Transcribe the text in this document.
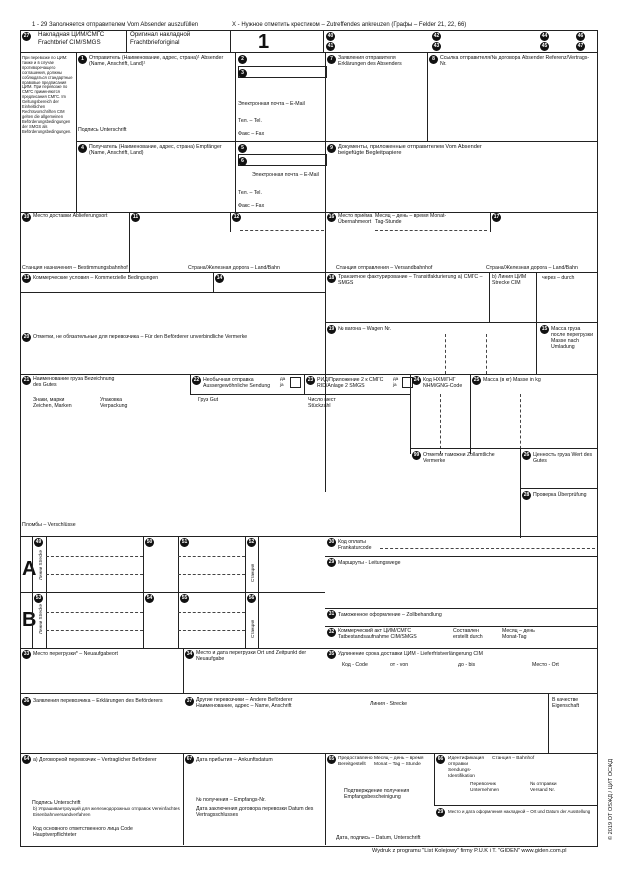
1 - 29 Заполняется отправителем Vom Absender auszufüllen	X - Нужное отметить крестиком – Zutreffendes ankreuzen (Графы – Felder 21, 22, 66)
27 Накладная ЦИМ/СМГС
Frachtbrief CIM/SMGS
Оригинал накладной
Frachtbrieforiginal	1	40
41
42
43
44
45
46
47
При перевозке по ЦИМ: также и в случае противоречащего соглашения, должны соблюдаться стандартные правовые предписания ЦИМ. При перевозке по СМГС применяются предписания СМГС. Im Geltungsbereich der Einheitlichen Rechtsvorschriften CIM gelten die allgemeinen Beförderungsbedingungen der SMGS als Beförderungsbedingungen.
1 Отправитель (Наименование, адрес, страна)¹ Absender (Name, Anschrift, Land)¹
Подпись Unterschrift
2
3
Электронная почта – E-Mail
Тел. – Tel.
Факс – Fax
7 Заявления отправителя Erklärungen des Absenders
8 Ссылка отправителя/№ договора Absender Referenz/Vertrags-Nr.
4 Получатель (Наименование, адрес, страна) Empfänger (Name, Anschrift, Land)
5
6
Электронная почта – E-Mail
Тел. – Tel.
Факс – Fax
9 Документы, приложенные отправителем Vom Absender beigefügte Begleitpapiere
10 Место доставки Ablieferungsort	11	12	16 Место приёма Übernahmeort
Месяц – день – время Monat-Tag-Stunde
17
Станция назначения – Bestimmungsbahnhof	Страна/Железная дорога – Land/Bahn	Станция отправления – Versandbahnhof	Страна/Железная дорога – Land/Bahn
13 Коммерческие условия – Kommerzielle Bedingungen	14	18 Транзитное фактурирование – Transitfakturierung а) СМГС – SMGS
b) Линия ЦИМ Strecke CIM
через – durch
20 Отметки, не обязательные для перевозчика – Für den Beförderer unverbindliche Vermerke
19 № вагона – Wagen Nr.	15 Масса груза после перегрузки Masse nach Umladung
21 Наименование груза Bezeichnung des Gutes
22 Необычная отправка Aussergewöhnliche Sendung
да ja
23 РИД/Приложение 2 к СМГС RID/Anlage 2 SMGS
да ja
24 Код НХМ/ГНГ NHM/GNG-Code
25 Масса (в кг) Masse in kg
Знаки, марки Zeichen, Marken
Упаковка Verpackung
Груз Gut	Число мест Stückzahl
99 Отметки таможни Zollamtliche Vermerke
26 Ценность груза Wert des Gutes
28 Проверка Überprüfung
Пломбы – Verschlüsse
A
B
49	50	51	52
53	54	55	56
Линии Strecke
Линии Strecke
Станция
Станция
30 Код оплаты Frankaturcode
29 Маршруты - Leitungswege
31 Таможенное оформление – Zollbehandlung
32 Коммерческий акт ЦИМ/СМГС Tatbestandsaufnahme CIM/SMGS
Составлен erstellt durch
Месяц – день Monat-Tag
33 Место перегрузки* – Neuaufgabeort	34 Место и дата перегрузки Ort und Zeitpunkt der Neuaufgabe
35 Удлинение срока доставки ЦИМ - Lieferfristverlängerung CIM
Код - Code	от - von	до - bis	Место - Ort
36 Заявления перевозчика – Erklärungen des Beförderers	37 Другие перевозчики – Andere Beförderer Наименование, адрес – Name, Anschrift	Линия - Strecke
В качестве Eigenschaft
64 а) Договорной перевозчик – Vertraglicher Beförderer	67 Дата прибытия – Ankunftsdatum	65 Предоставлено Bereitgestellt
Месяц – день – время Monat – Tag – Stunde
66 Идентификация отправки Sendungs-Identifikation
Станция – Bahnhof
Перевозчик Unternehmen
№ отправки Versand Nr.
№ получения – Empfangs-Nr.
Подпись Unterschrift
b) Упрашиваетроущий для железнодорожных отправок Vereinfachtes Eisenbahnversandverfahren
Дата заключения договора перевозки Datum des Vertragsschlusses
Подтверждение получения Empfangsbescheinigung
29	Место и дата оформления накладной – Ort und Datum der Ausstellung
Код основного ответственного лица Code Hauptverpflichteter	Дата, подпись – Datum, Unterschrift
Wydruk z programu "List Kolejowy" firmy P.U.K i T. "GIDEN" www.giden.com.pl
© 2019 OT OSЖД / ЦИТ OCЖД
